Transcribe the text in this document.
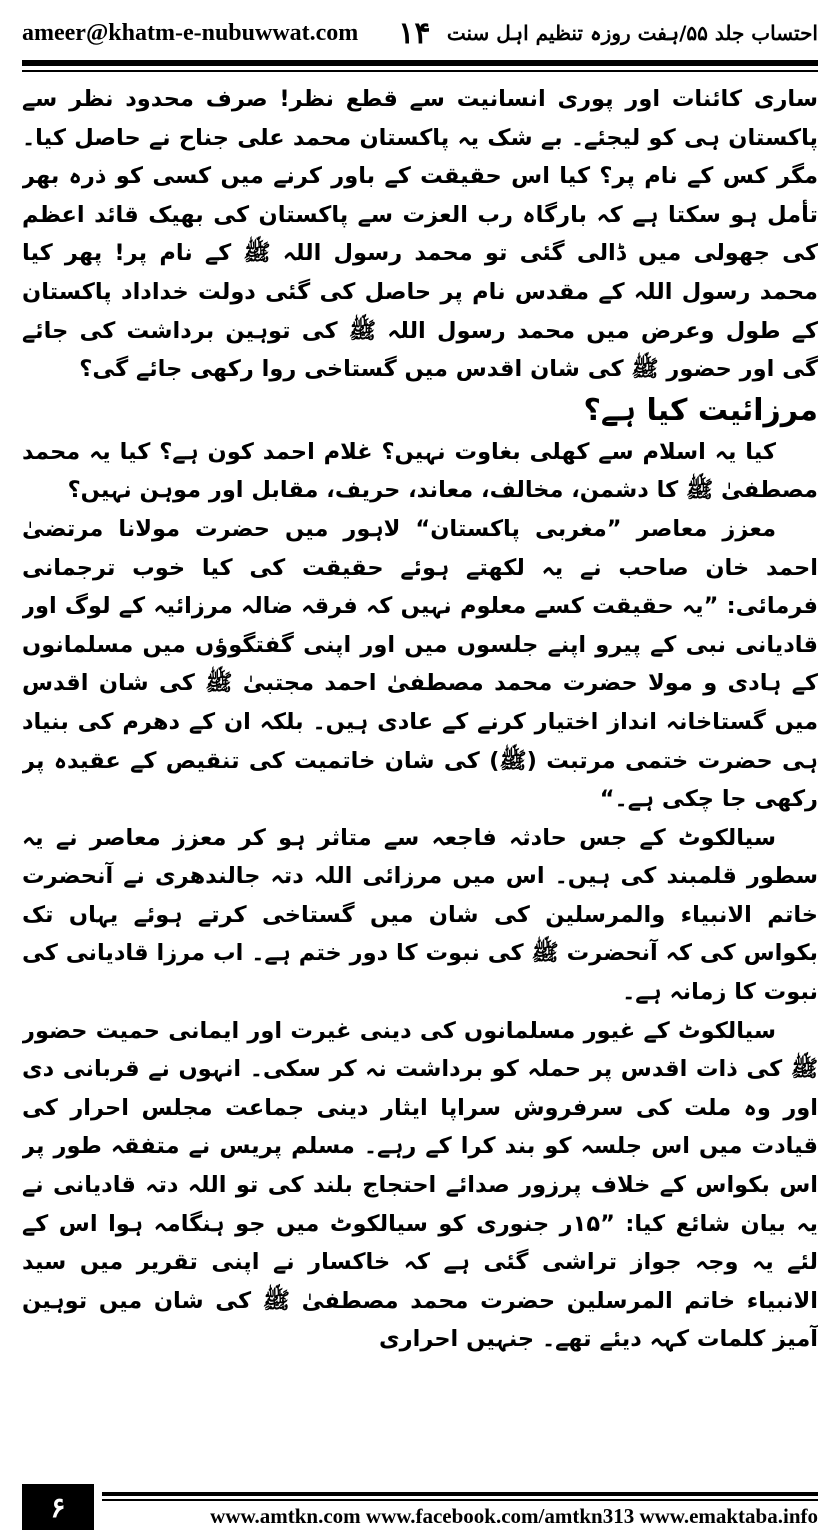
ameer@khatm-e-nubuwwat.com ۱۴ احتساب جلد ۵۵/ہفت روزہ تنظیم اہل سنت

ساری کائنات اور پوری انسانیت سے قطع نظر! صرف محدود نظر سے پاکستان ہی کو لیجئے۔ بے شک یہ پاکستان محمد علی جناح نے حاصل کیا۔ مگر کس کے نام پر؟ کیا اس حقیقت کے باور کرنے میں کسی کو ذرہ بھر تأمل ہو سکتا ہے کہ بارگاہ رب العزت سے پاکستان کی بھیک قائد اعظم کی جھولی میں ڈالی گئی تو محمد رسول اللہ ﷺ کے نام پر! پھر کیا محمد رسول اللہ کے مقدس نام پر حاصل کی گئی دولت خداداد پاکستان کے طول وعرض میں محمد رسول اللہ ﷺ کی توہین برداشت کی جائے گی اور حضور ﷺ کی شان اقدس میں گستاخی روا رکھی جائے گی؟

مرزائیت کیا ہے؟

کیا یہ اسلام سے کھلی بغاوت نہیں؟ غلام احمد کون ہے؟ کیا یہ محمد مصطفیٰ ﷺ کا دشمن، مخالف، معاند، حریف، مقابل اور موہن نہیں؟

معزز معاصر ”مغربی پاکستان“ لاہور میں حضرت مولانا مرتضیٰ احمد خان صاحب نے یہ لکھتے ہوئے حقیقت کی کیا خوب ترجمانی فرمائی: ”یہ حقیقت کسے معلوم نہیں کہ فرقہ ضالہ مرزائیہ کے لوگ اور قادیانی نبی کے پیرو اپنے جلسوں میں اور اپنی گفتگوؤں میں مسلمانوں کے ہادی و مولا حضرت محمد مصطفیٰ احمد مجتبیٰ ﷺ کی شان اقدس میں گستاخانہ انداز اختیار کرنے کے عادی ہیں۔ بلکہ ان کے دھرم کی بنیاد ہی حضرت ختمی مرتبت (ﷺ) کی شان خاتمیت کی تنقیص کے عقیدہ پر رکھی جا چکی ہے۔“

سیالکوٹ کے جس حادثہ فاجعہ سے متاثر ہو کر معزز معاصر نے یہ سطور قلمبند کی ہیں۔ اس میں مرزائی اللہ دتہ جالندھری نے آنحضرت خاتم الانبیاء والمرسلین کی شان میں گستاخی کرتے ہوئے یہاں تک بکواس کی کہ آنحضرت ﷺ کی نبوت کا دور ختم ہے۔ اب مرزا قادیانی کی نبوت کا زمانہ ہے۔

سیالکوٹ کے غیور مسلمانوں کی دینی غیرت اور ایمانی حمیت حضور ﷺ کی ذات اقدس پر حملہ کو برداشت نہ کر سکی۔ انہوں نے قربانی دی اور وہ ملت کی سرفروش سراپا ایثار دینی جماعت مجلس احرار کی قیادت میں اس جلسہ کو بند کرا کے رہے۔ مسلم پریس نے متفقہ طور پر اس بکواس کے خلاف پرزور صدائے احتجاج بلند کی تو اللہ دتہ قادیانی نے یہ بیان شائع کیا: ”۱۵ر جنوری کو سیالکوٹ میں جو ہنگامہ ہوا اس کے لئے یہ وجہ جواز تراشی گئی ہے کہ خاکسار نے اپنی تقریر میں سید الانبیاء خاتم المرسلین حضرت محمد مصطفیٰ ﷺ کی شان میں توہین آمیز کلمات کہہ دیئے تھے۔ جنہیں احراری

۶	www.amtkn.com www.facebook.com/amtkn313 www.emaktaba.info
